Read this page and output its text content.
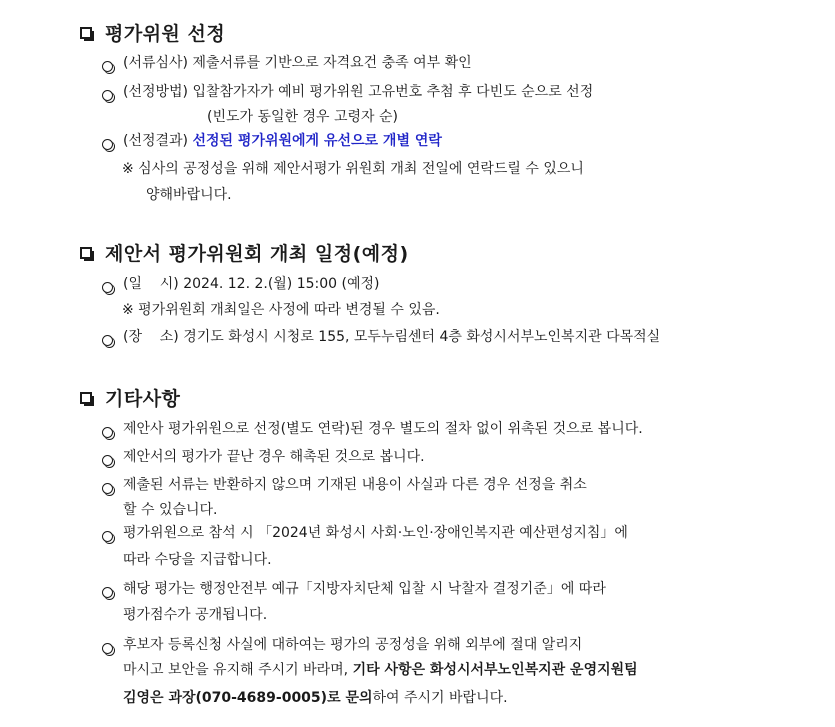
평가위원 선정
(서류심사) 제출서류를 기반으로 자격요건 충족 여부 확인
(선정방법) 입찰참가자가 예비 평가위원 고유번호 추첨 후 다빈도 순으로 선정
(빈도가 동일한 경우 고령자 순)
(선정결과) 선정된 평가위원에게 유선으로 개별 연락
※ 심사의 공정성을 위해 제안서평가 위원회 개최 전일에 연락드릴 수 있으니
양해바랍니다.
제안서 평가위원회 개최 일정(예정)
(일    시) 2024. 12. 2.(월) 15:00 (예정)
※ 평가위원회 개최일은 사정에 따라 변경될 수 있음.
(장    소) 경기도 화성시 시청로 155, 모두누림센터 4층 화성시서부노인복지관 다목적실
기타사항
제안사 평가위원으로 선정(별도 연락)된 경우 별도의 절차 없이 위촉된 것으로 봅니다.
제안서의 평가가 끝난 경우 해촉된 것으로 봅니다.
제출된 서류는 반환하지 않으며 기재된 내용이 사실과 다른 경우 선정을 취소
할 수 있습니다.
평가위원으로 참석 시 「2024년 화성시 사회·노인·장애인복지관 예산편성지침」에
따라 수당을 지급합니다.
해당 평가는 행정안전부 예규「지방자치단체 입찰 시 낙찰자 결정기준」에 따라
평가점수가 공개됩니다.
후보자 등록신청 사실에 대하여는 평가의 공정성을 위해 외부에 절대 알리지
마시고 보안을 유지해 주시기 바라며, 기타 사항은 화성시서부노인복지관 운영지원팀
김영은 과장(070-4689-0005)로 문의하여 주시기 바랍니다.
